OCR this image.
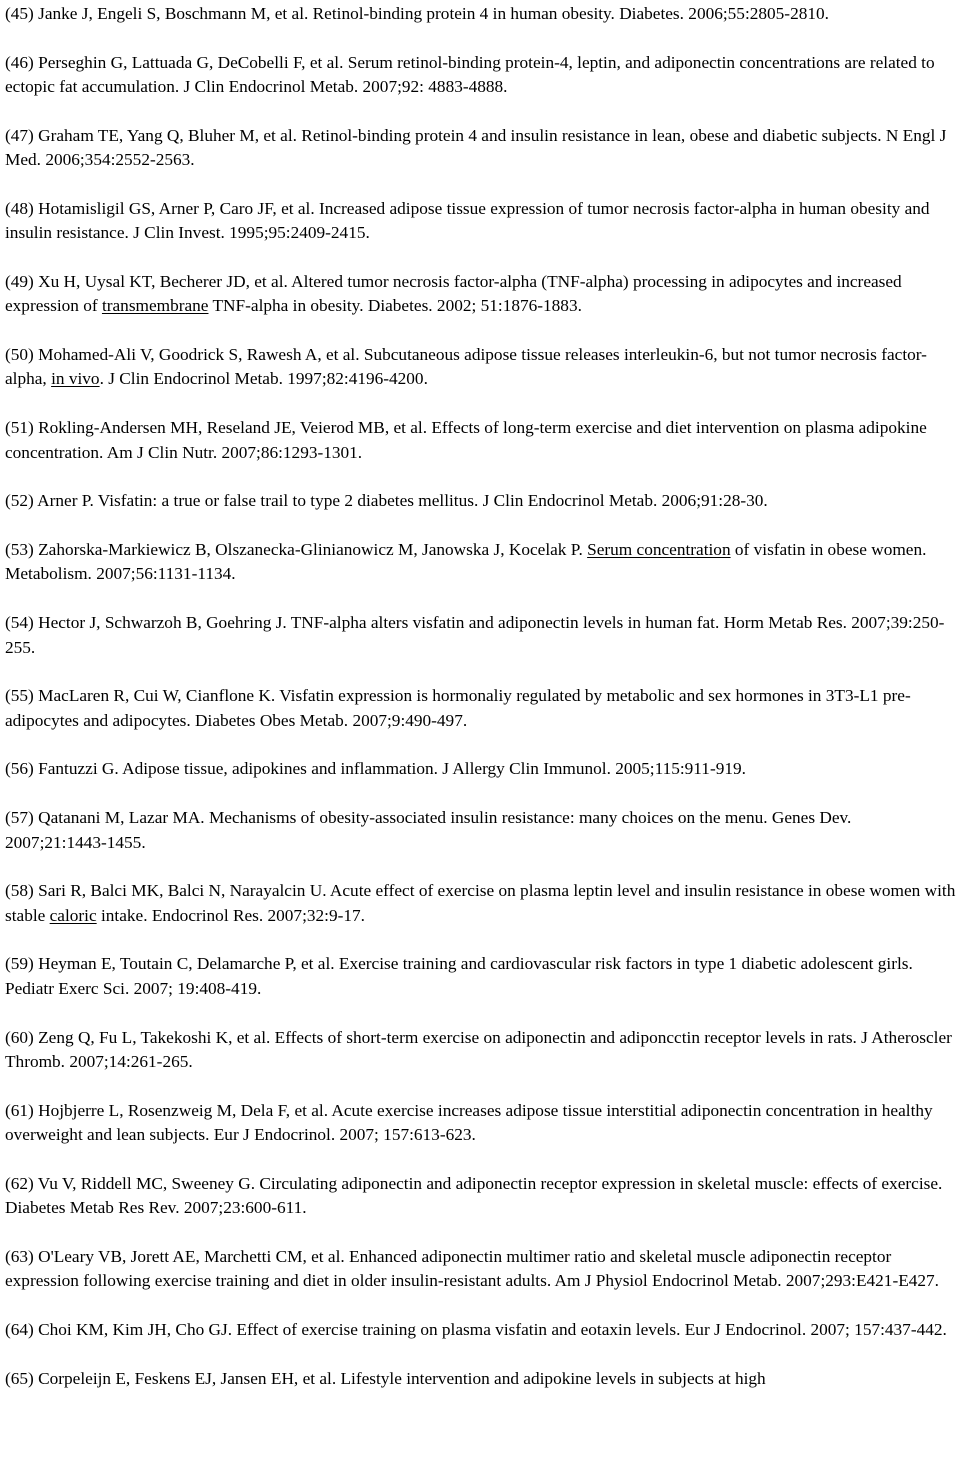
(45) Janke J, Engeli S, Boschmann M, et al. Retinol-binding protein 4 in human obesity. Diabetes. 2006;55:2805-2810.

(46) Perseghin G, Lattuada G, DeCobelli F, et al. Serum retinol-binding protein-4, leptin, and adiponectin concentrations are related to ectopic fat accumulation. J Clin Endocrinol Metab. 2007;92: 4883-4888.

(47) Graham TE, Yang Q, Bluher M, et al. Retinol-binding protein 4 and insulin resistance in lean, obese and diabetic subjects. N Engl J Med. 2006;354:2552-2563.

(48) Hotamisligil GS, Arner P, Caro JF, et al. Increased adipose tissue expression of tumor necrosis factor-alpha in human obesity and insulin resistance. J Clin Invest. 1995;95:2409-2415.

(49) Xu H, Uysal KT, Becherer JD, et al. Altered tumor necrosis factor-alpha (TNF-alpha) processing in adipocytes and increased expression of transmembrane TNF-alpha in obesity. Diabetes. 2002; 51:1876-1883.

(50) Mohamed-Ali V, Goodrick S, Rawesh A, et al. Subcutaneous adipose tissue releases interleukin-6, but not tumor necrosis factor-alpha, in vivo. J Clin Endocrinol Metab. 1997;82:4196-4200.

(51) Rokling-Andersen MH, Reseland JE, Veierod MB, et al. Effects of long-term exercise and diet intervention on plasma adipokine concentration. Am J Clin Nutr. 2007;86:1293-1301.

(52) Arner P. Visfatin: a true or false trail to type 2 diabetes mellitus. J Clin Endocrinol Metab. 2006;91:28-30.

(53) Zahorska-Markiewicz B, Olszanecka-Glinianowicz M, Janowska J, Kocelak P. Serum concentration of visfatin in obese women. Metabolism. 2007;56:1131-1134.

(54) Hector J, Schwarzoh B, Goehring J. TNF-alpha alters visfatin and adiponectin levels in human fat. Horm Metab Res. 2007;39:250-255.

(55) MacLaren R, Cui W, Cianflone K. Visfatin expression is hormonaliy regulated by metabolic and sex hormones in 3T3-L1 pre-adipocytes and adipocytes. Diabetes Obes Metab. 2007;9:490-497.

(56) Fantuzzi G. Adipose tissue, adipokines and inflammation. J Allergy Clin Immunol. 2005;115:911-919.

(57) Qatanani M, Lazar MA. Mechanisms of obesity-associated insulin resistance: many choices on the menu. Genes Dev. 2007;21:1443-1455.

(58) Sari R, Balci MK, Balci N, Narayalcin U. Acute effect of exercise on plasma leptin level and insulin resistance in obese women with stable caloric intake. Endocrinol Res. 2007;32:9-17.

(59) Heyman E, Toutain C, Delamarche P, et al. Exercise training and cardiovascular risk factors in type 1 diabetic adolescent girls. Pediatr Exerc Sci. 2007; 19:408-419.

(60) Zeng Q, Fu L, Takekoshi K, et al. Effects of short-term exercise on adiponectin and adiponcctin receptor levels in rats. J Atheroscler Thromb. 2007;14:261-265.

(61) Hojbjerre L, Rosenzweig M, Dela F, et al. Acute exercise increases adipose tissue interstitial adiponectin concentration in healthy overweight and lean subjects. Eur J Endocrinol. 2007; 157:613-623.

(62) Vu V, Riddell MC, Sweeney G. Circulating adiponectin and adiponectin receptor expression in skeletal muscle: effects of exercise. Diabetes Metab Res Rev. 2007;23:600-611.

(63) O'Leary VB, Jorett AE, Marchetti CM, et al. Enhanced adiponectin multimer ratio and skeletal muscle adiponectin receptor expression following exercise training and diet in older insulin-resistant adults. Am J Physiol Endocrinol Metab. 2007;293:E421-E427.

(64) Choi KM, Kim JH, Cho GJ. Effect of exercise training on plasma visfatin and eotaxin levels. Eur J Endocrinol. 2007; 157:437-442.

(65) Corpeleijn E, Feskens EJ, Jansen EH, et al. Lifestyle intervention and adipokine levels in subjects at high
